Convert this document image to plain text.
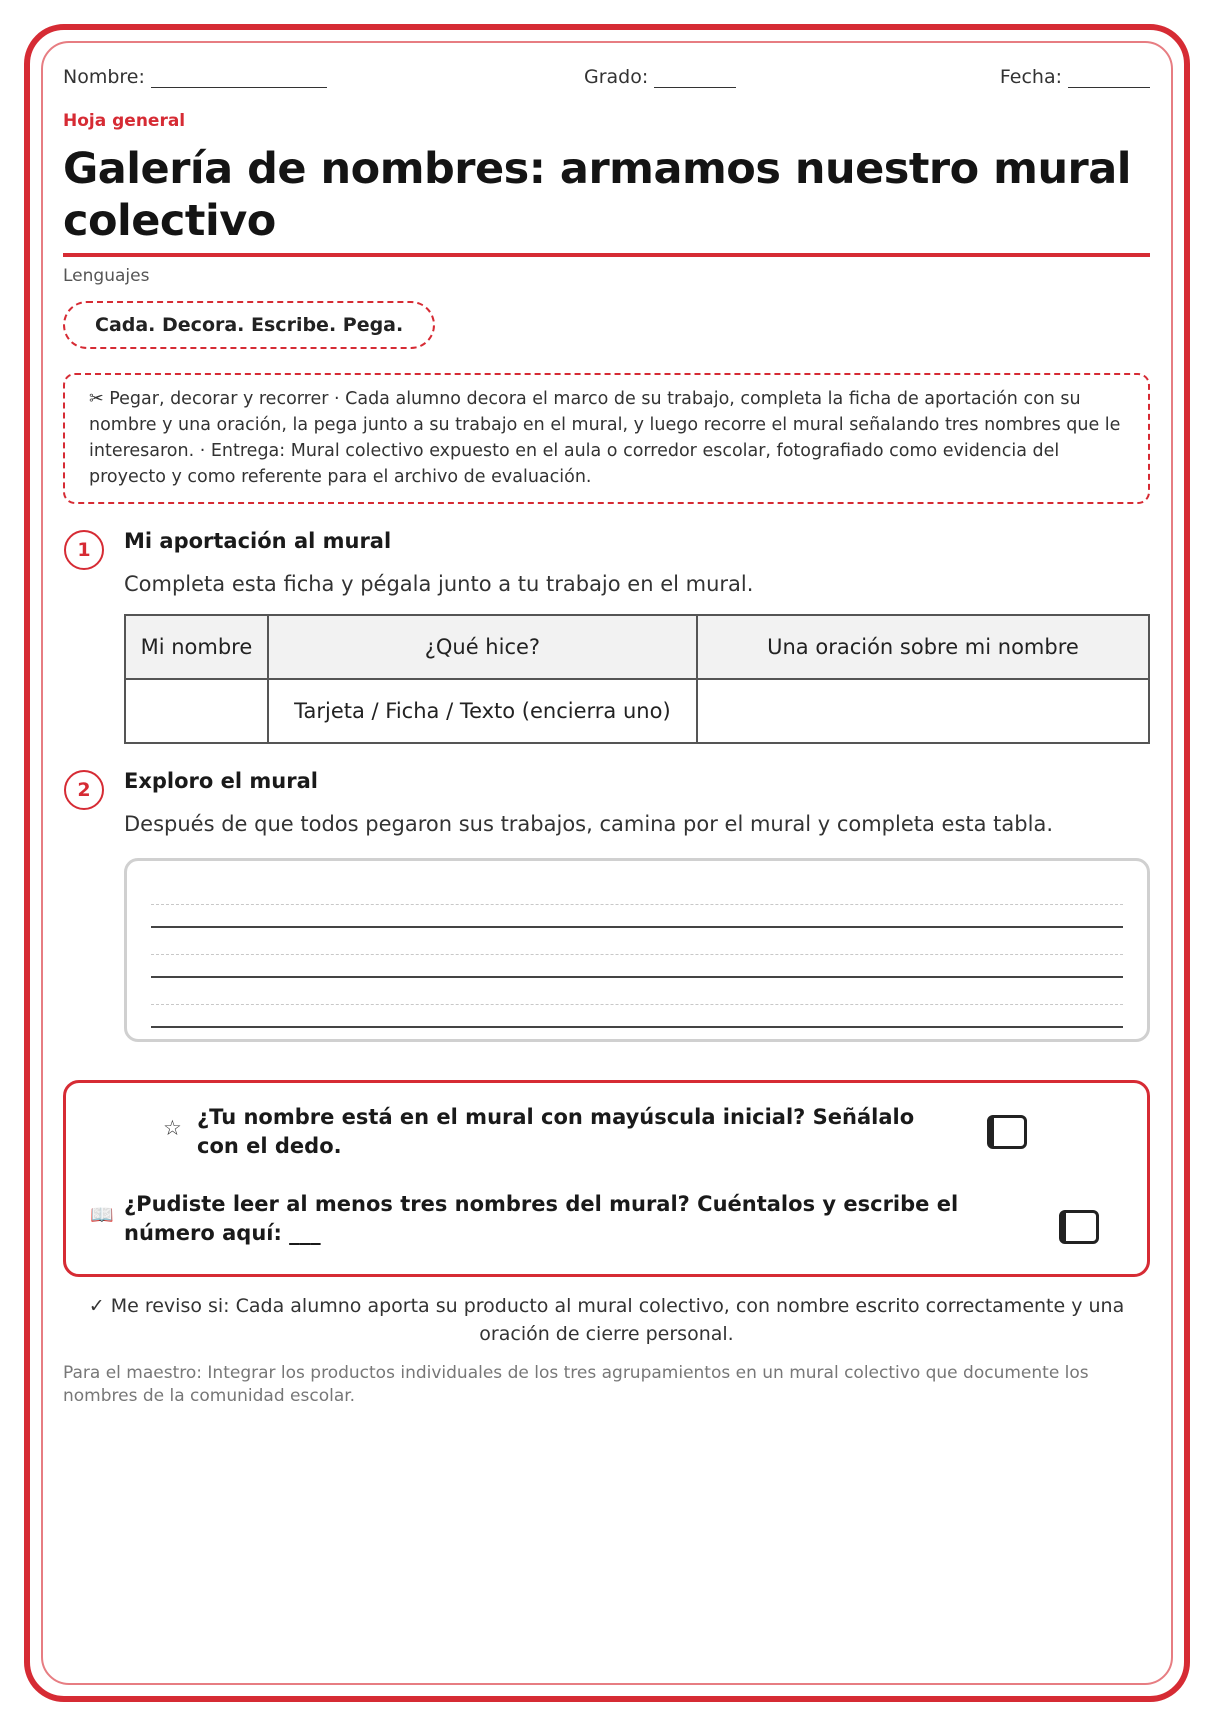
Nombre:	Grado:	Fecha:
Hoja general
Galería de nombres: armamos nuestro mural colectivo
Lenguajes
Cada. Decora. Escribe. Pega.
✂ Pegar, decorar y recorrer · Cada alumno decora el marco de su trabajo, completa la ficha de aportación con su nombre y una oración, la pega junto a su trabajo en el mural, y luego recorre el mural señalando tres nombres que le interesaron. · Entrega: Mural colectivo expuesto en el aula o corredor escolar, fotografiado como evidencia del proyecto y como referente para el archivo de evaluación.
1	Mi aportación al mural
Completa esta ficha y pégala junto a tu trabajo en el mural.
Mi nombre	¿Qué hice?	Una oración sobre mi nombre
	Tarjeta / Ficha / Texto (encierra uno)	
2	Exploro el mural
Después de que todos pegaron sus trabajos, camina por el mural y completa esta tabla.
☆ ¿Tu nombre está en el mural con mayúscula inicial? Señálalo con el dedo.
📖 ¿Pudiste leer al menos tres nombres del mural? Cuéntalos y escribe el número aquí: ___
✓ Me reviso si: Cada alumno aporta su producto al mural colectivo, con nombre escrito correctamente y una oración de cierre personal.
Para el maestro: Integrar los productos individuales de los tres agrupamientos en un mural colectivo que documente los nombres de la comunidad escolar.
